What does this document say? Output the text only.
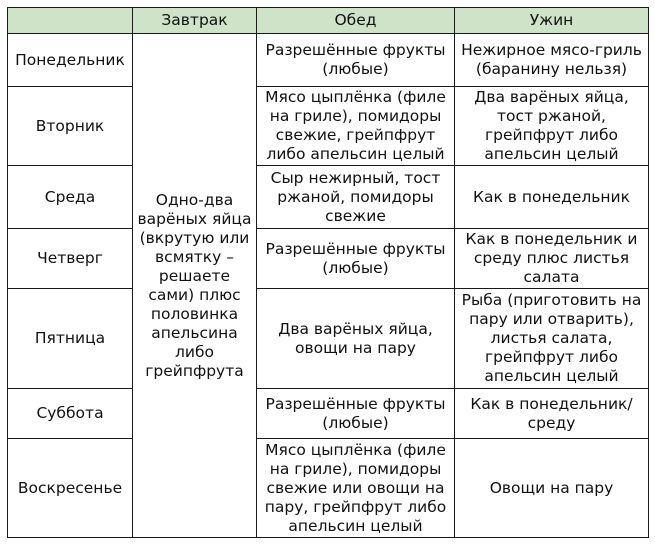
	Завтрак	Обед	Ужин
Понедельник	Одно-два варёных яйца (вкрутую или всмятку – решаете сами) плюс половинка апельсина либо грейпфрута	Разрешённые фрукты (любые)	Нежирное мясо-гриль (баранину нельзя)
Вторник		Мясо цыплёнка (филе на гриле), помидоры свежие, грейпфрут либо апельсин целый	Два варёных яйца, тост ржаной, грейпфрут либо апельсин целый
Среда		Сыр нежирный, тост ржаной, помидоры свежие	Как в понедельник
Четверг		Разрешённые фрукты (любые)	Как в понедельник и среду плюс листья салата
Пятница		Два варёных яйца, овощи на пару	Рыба (приготовить на пару или отварить), листья салата, грейпфрут либо апельсин целый
Суббота		Разрешённые фрукты (любые)	Как в понедельник/среду
Воскресенье		Мясо цыплёнка (филе на гриле), помидоры свежие или овощи на пару, грейпфрут либо апельсин целый	Овощи на пару
